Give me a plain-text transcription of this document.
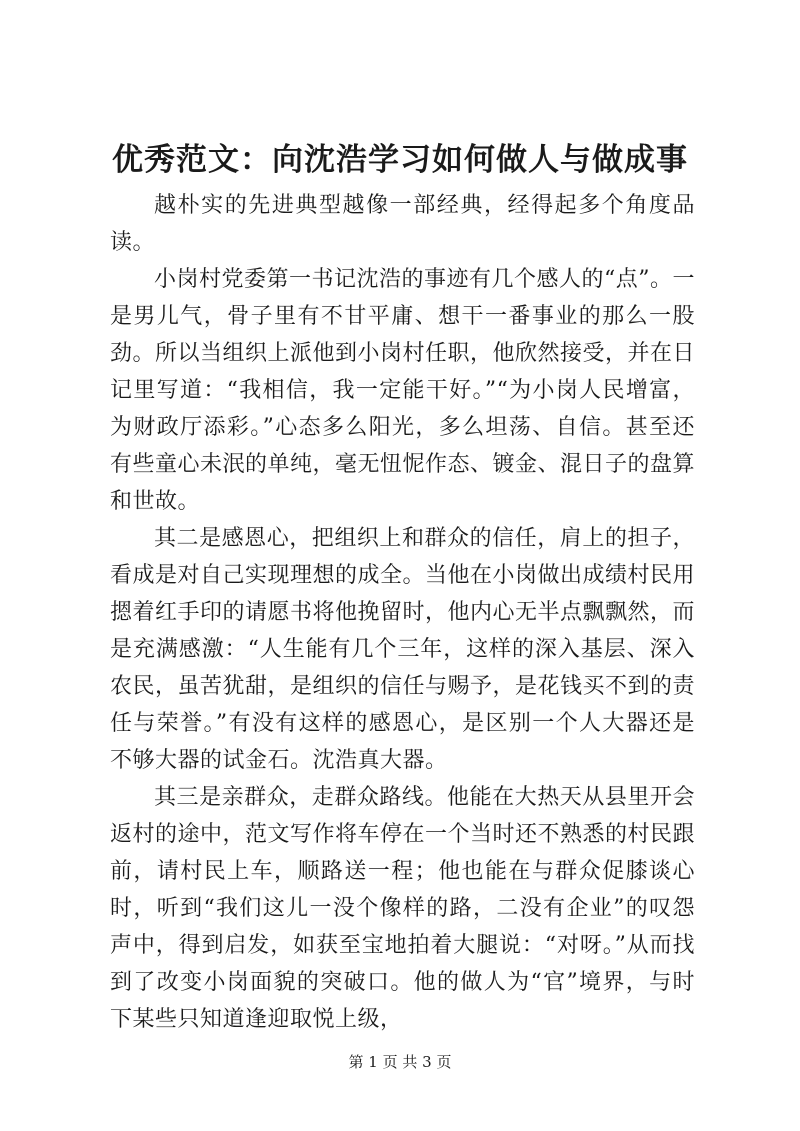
优秀范文：向沈浩学习如何做人与做成事

越朴实的先进典型越像一部经典，经得起多个角度品读。

小岗村党委第一书记沈浩的事迹有几个感人的“点”。一是男儿气，骨子里有不甘平庸、想干一番事业的那么一股劲。所以当组织上派他到小岗村任职，他欣然接受，并在日记里写道：“我相信，我一定能干好。”“为小岗人民增富，为财政厅添彩。”心态多么阳光，多么坦荡、自信。甚至还有些童心未泯的单纯，毫无忸怩作态、镀金、混日子的盘算和世故。

其二是感恩心，把组织上和群众的信任，肩上的担子，看成是对自己实现理想的成全。当他在小岗做出成绩村民用摁着红手印的请愿书将他挽留时，他内心无半点飘飘然，而是充满感激：“人生能有几个三年，这样的深入基层、深入农民，虽苦犹甜，是组织的信任与赐予，是花钱买不到的责任与荣誉。”有没有这样的感恩心，是区别一个人大器还是不够大器的试金石。沈浩真大器。

其三是亲群众，走群众路线。他能在大热天从县里开会返村的途中，范文写作将车停在一个当时还不熟悉的村民跟前，请村民上车，顺路送一程；他也能在与群众促膝谈心时，听到“我们这儿一没个像样的路，二没有企业”的叹怨声中，得到启发，如获至宝地拍着大腿说：“对呀。”从而找到了改变小岗面貌的突破口。他的做人为“官”境界，与时下某些只知道逢迎取悦上级，

第 1 页 共 3 页
